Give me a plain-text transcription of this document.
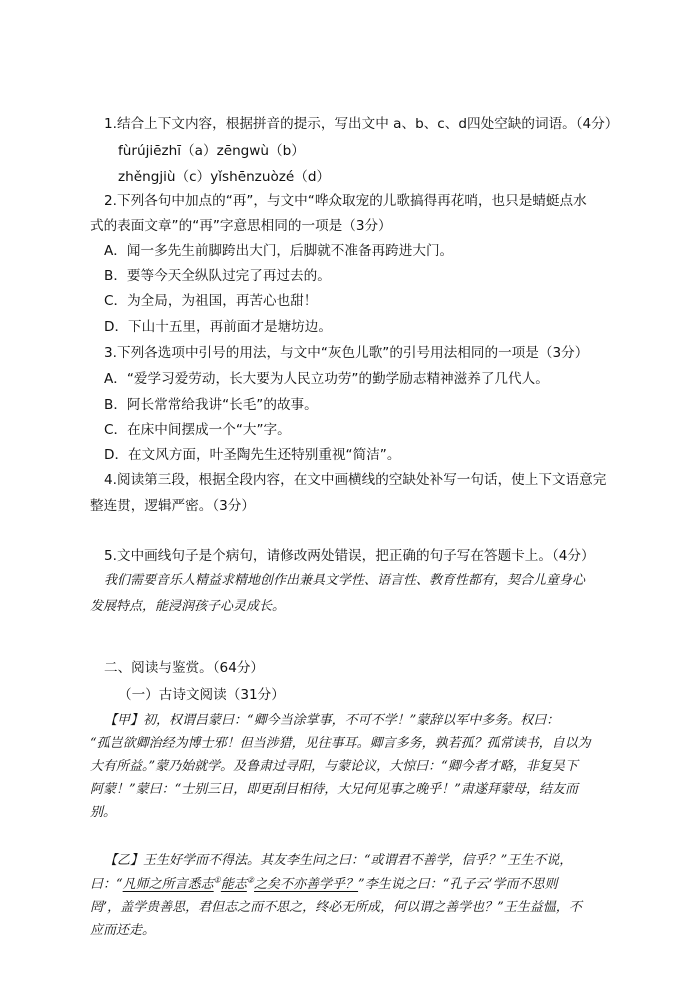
1.结合上下文内容，根据拼音的提示，写出文中 a、b、c、d四处空缺的词语。（4分）
fùrújiēzhī（a）zēngwù（b）
zhěngjiù（c）yǐshēnzuòzé（d）
2.下列各句中加点的“再”，与文中“哗众取宠的儿歌搞得再花哨，也只是蜻蜓点水
式的表面文章”的“再”字意思相同的一项是（3分）
A．闻一多先生前脚跨出大门，后脚就不准备再跨进大门。
B．要等今天全纵队过完了再过去的。
C．为全局，为祖国，再苦心也甜！
D．下山十五里，再前面才是塘坊边。
3.下列各选项中引号的用法，与文中“灰色儿歌”的引号用法相同的一项是（3分）
A．“爱学习爱劳动，长大要为人民立功劳”的勤学励志精神滋养了几代人。
B．阿长常常给我讲“长毛”的故事。
C．在床中间摆成一个“大”字。
D．在文风方面，叶圣陶先生还特别重视“简洁”。
4.阅读第三段，根据全段内容，在文中画横线的空缺处补写一句话，使上下文语意完
整连贯，逻辑严密。（3分）
5.文中画线句子是个病句，请修改两处错误，把正确的句子写在答题卡上。（4分）
我们需要音乐人精益求精地创作出兼具文学性、语言性、教育性都有，契合儿童身心
发展特点，能浸润孩子心灵成长。
二、阅读与鉴赏。（64分）
（一）古诗文阅读（31分）
【甲】初，权谓吕蒙曰：“卿今当涂掌事，不可不学！”蒙辞以军中多务。权曰：
“孤岂欲卿治经为博士邪！但当涉猎，见往事耳。卿言多务，孰若孤？孤常读书，自以为
大有所益。”蒙乃始就学。及鲁肃过寻阳，与蒙论议，大惊曰：“卿今者才略，非复吴下
阿蒙！”蒙曰：“士别三日，即更刮目相待，大兄何见事之晚乎！”肃遂拜蒙母，结友而
别。
【乙】王生好学而不得法。其友李生问之曰：“或谓君不善学，信乎？”王生不说，
曰：“凡师之所言悉志①能志②之矣不亦善学乎？”李生说之曰：“孔子云‘学而不思则
罔’，盖学贵善思，君但志之而不思之，终必无所成，何以谓之善学也？”王生益愠，不
应而还走。
